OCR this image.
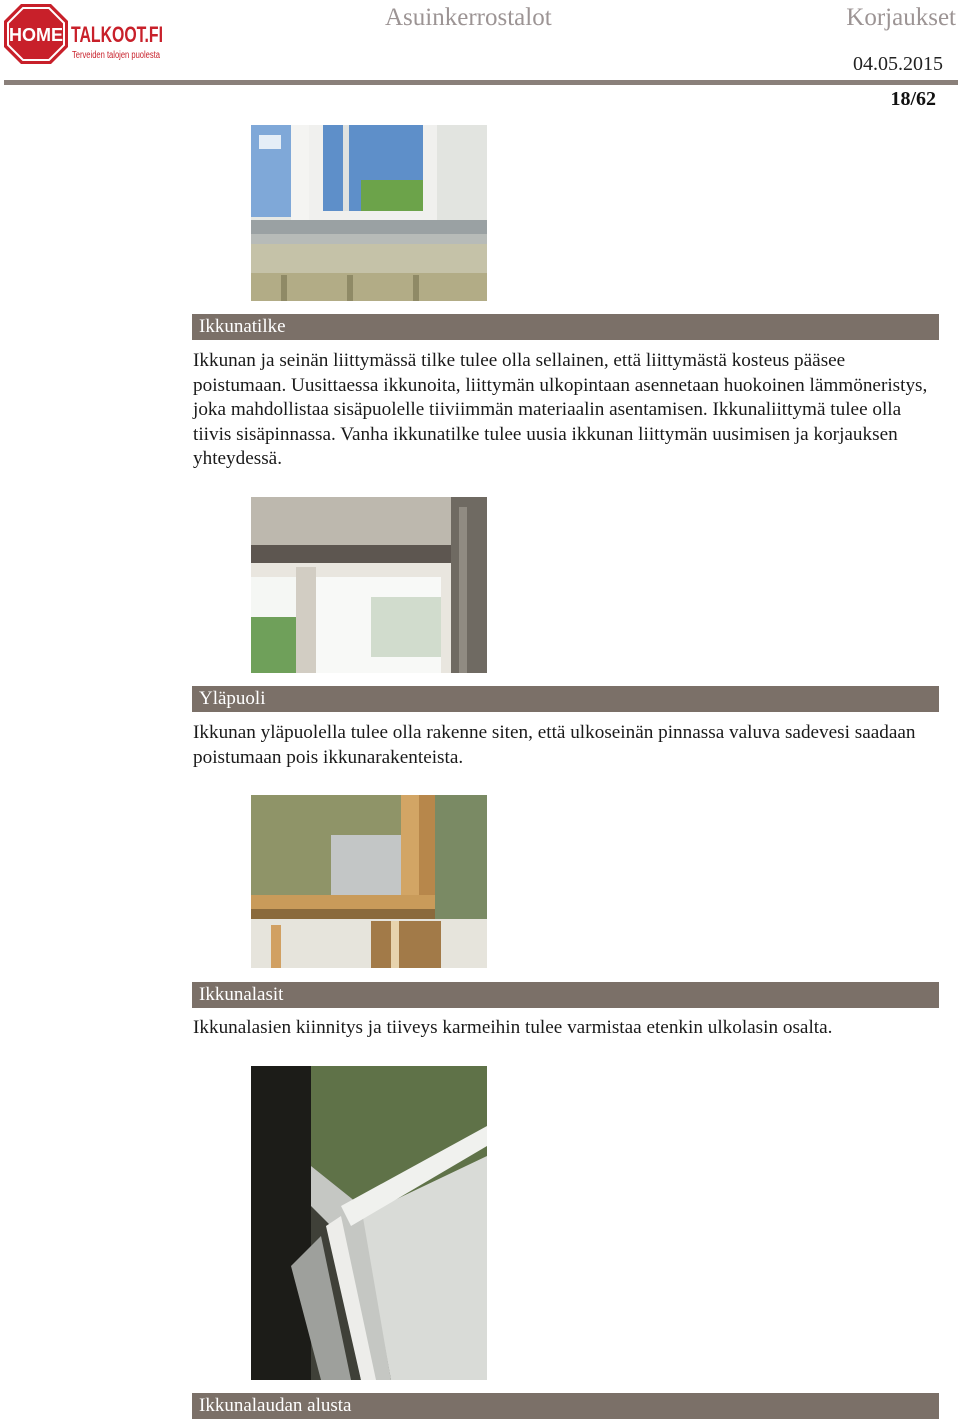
HOME TALKOOT.FI
Terveiden talojen puolesta
Asuinkerrostalot	Korjaukset
04.05.2015
18/62
Ikkunatilke
Ikkunan ja seinän liittymässä tilke tulee olla sellainen, että liittymästä kosteus pääsee poistumaan. Uusittaessa ikkunoita, liittymän ulkopintaan asennetaan huokoinen lämmöneristys, joka mahdollistaa sisäpuolelle tiiviimmän materiaalin asentamisen. Ikkunaliittymä tulee olla tiivis sisäpinnassa. Vanha ikkunatilke tulee uusia ikkunan liittymän uusimisen ja korjauksen yhteydessä.
Yläpuoli
Ikkunan yläpuolella tulee olla rakenne siten, että ulkoseinän pinnassa valuva sadevesi saadaan poistumaan pois ikkunarakenteista.
Ikkunalasit
Ikkunalasien kiinnitys ja tiiveys karmeihin tulee varmistaa etenkin ulkolasin osalta.
Ikkunalaudan alusta
